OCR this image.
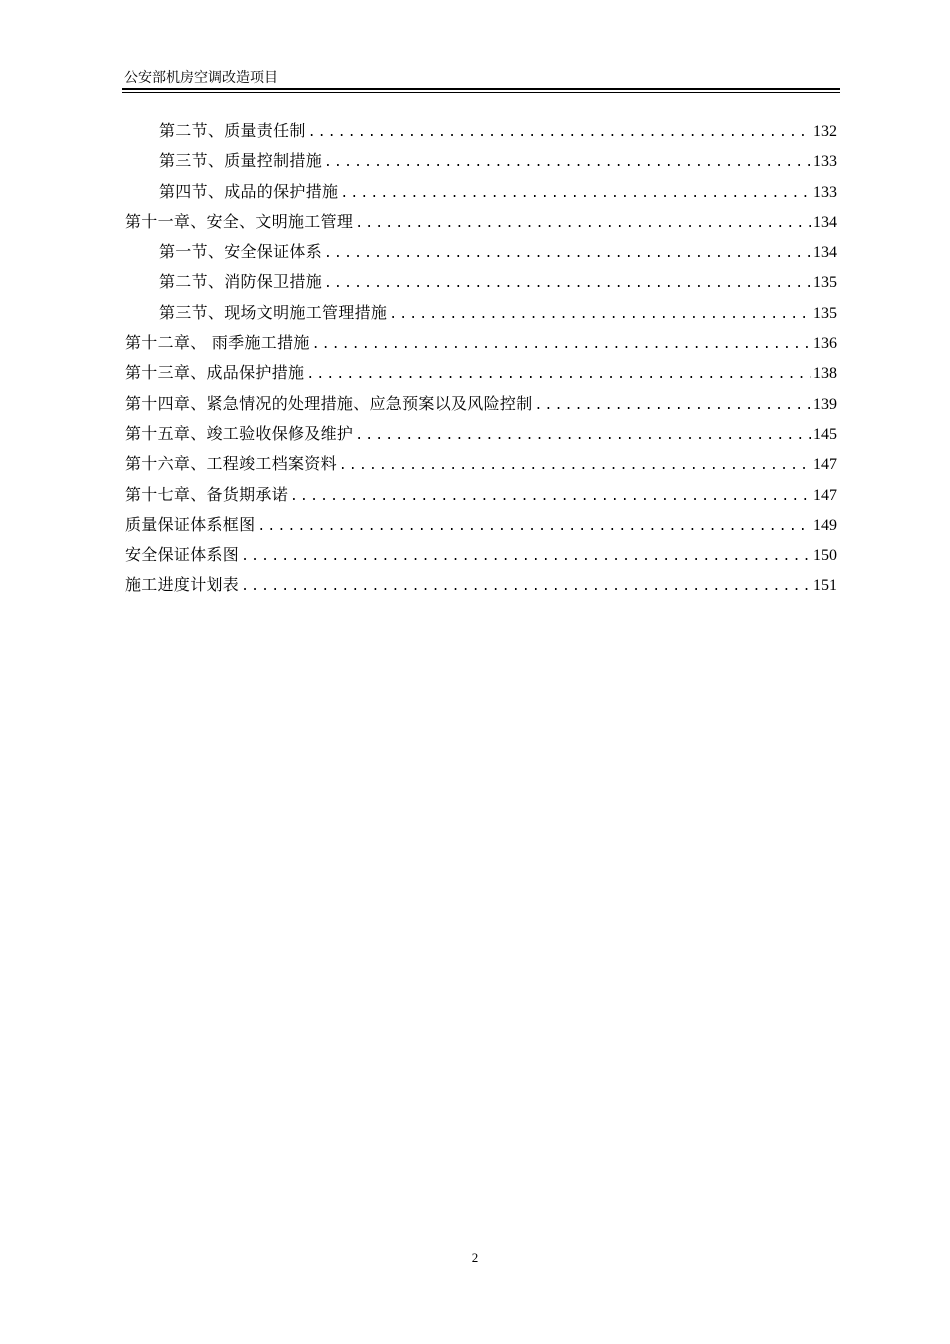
公安部机房空调改造项目
第二节、质量责任制 .....	132
第三节、质量控制措施 .....	133
第四节、成品的保护措施 .....	133
第十一章、安全、文明施工管理 .....	134
第一节、安全保证体系 .....	134
第二节、消防保卫措施 .....	135
第三节、现场文明施工管理措施 .....	135
第十二章、 雨季施工措施 .....	136
第十三章、成品保护措施 .....	138
第十四章、紧急情况的处理措施、应急预案以及风险控制 .....	139
第十五章、竣工验收保修及维护 .....	145
第十六章、工程竣工档案资料 .....	147
第十七章、备货期承诺 .....	147
质量保证体系框图 .....	149
安全保证体系图 .....	150
施工进度计划表 .....	151
2
